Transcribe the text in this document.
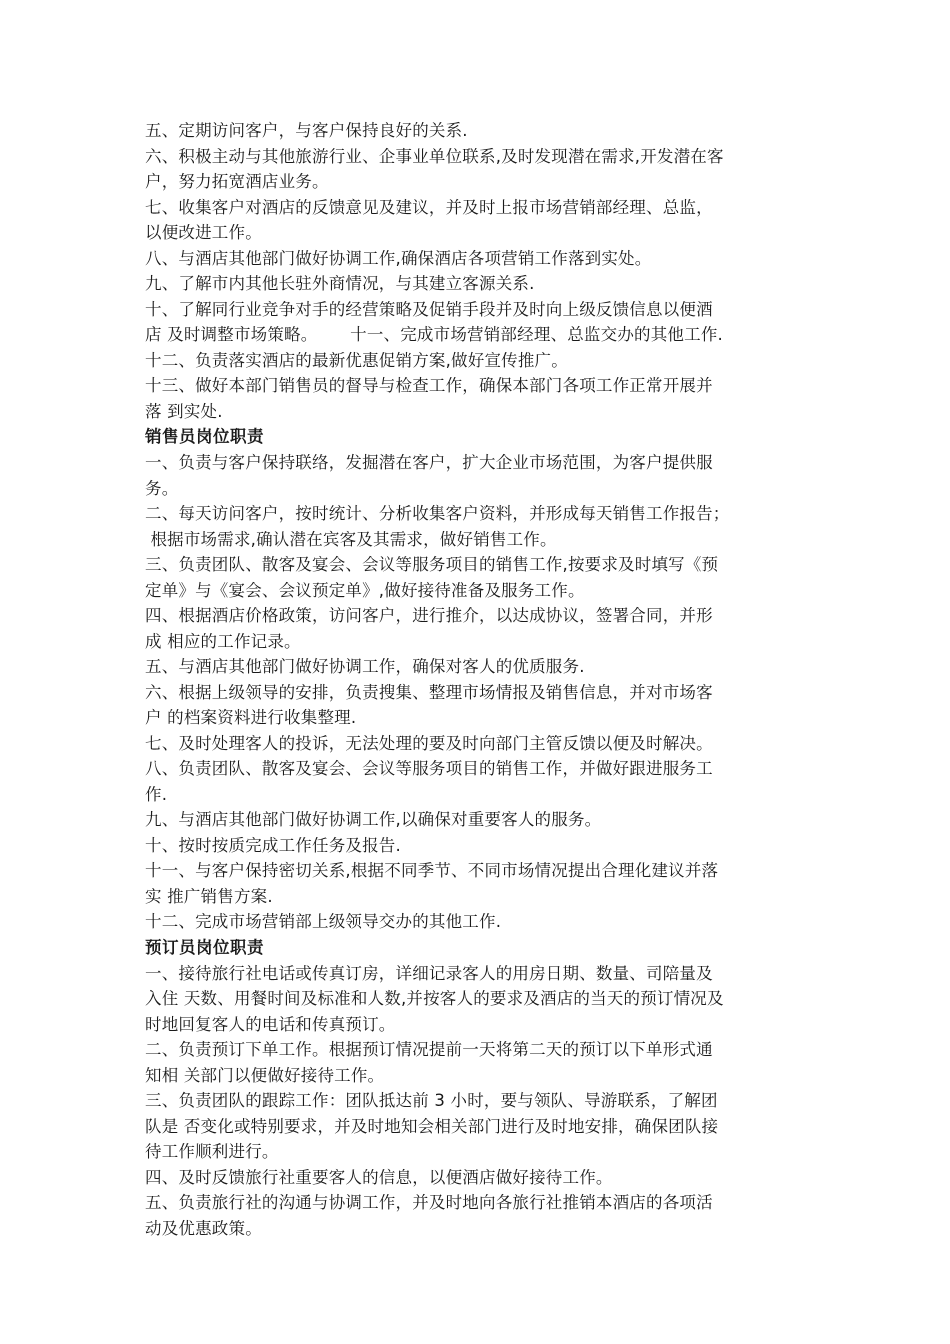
五、定期访问客户，与客户保持良好的关系.
六、积极主动与其他旅游行业、企事业单位联系,及时发现潜在需求,开发潜在客
户，努力拓宽酒店业务。
七、收集客户对酒店的反馈意见及建议，并及时上报市场营销部经理、总监，
以便改进工作。
八、与酒店其他部门做好协调工作,确保酒店各项营销工作落到实处。
九、了解市内其他长驻外商情况，与其建立客源关系.
十、了解同行业竞争对手的经营策略及促销手段并及时向上级反馈信息以便酒
店 及时调整市场策略。      十一、完成市场营销部经理、总监交办的其他工作.
十二、负责落实酒店的最新优惠促销方案,做好宣传推广。
十三、做好本部门销售员的督导与检查工作，确保本部门各项工作正常开展并
落 到实处.
销售员岗位职责
一、负责与客户保持联络，发掘潜在客户，扩大企业市场范围，为客户提供服
务。
二、每天访问客户，按时统计、分析收集客户资料，并形成每天销售工作报告；
根据市场需求,确认潜在宾客及其需求，做好销售工作。
三、负责团队、散客及宴会、会议等服务项目的销售工作,按要求及时填写《预
定单》与《宴会、会议预定单》,做好接待准备及服务工作。
四、根据酒店价格政策，访问客户，进行推介，以达成协议，签署合同，并形
成 相应的工作记录。
五、与酒店其他部门做好协调工作，确保对客人的优质服务.
六、根据上级领导的安排，负责搜集、整理市场情报及销售信息，并对市场客
户 的档案资料进行收集整理.
七、及时处理客人的投诉，无法处理的要及时向部门主管反馈以便及时解决。
八、负责团队、散客及宴会、会议等服务项目的销售工作，并做好跟进服务工
作.
九、与酒店其他部门做好协调工作,以确保对重要客人的服务。
十、按时按质完成工作任务及报告.
十一、与客户保持密切关系,根据不同季节、不同市场情况提出合理化建议并落
实 推广销售方案.
十二、完成市场营销部上级领导交办的其他工作.
预订员岗位职责
一、接待旅行社电话或传真订房，详细记录客人的用房日期、数量、司陪量及
入住 天数、用餐时间及标准和人数,并按客人的要求及酒店的当天的预订情况及
时地回复客人的电话和传真预订。
二、负责预订下单工作。根据预订情况提前一天将第二天的预订以下单形式通
知相 关部门以便做好接待工作。
三、负责团队的跟踪工作：团队抵达前 3 小时，要与领队、导游联系，了解团
队是 否变化或特别要求，并及时地知会相关部门进行及时地安排，确保团队接
待工作顺利进行。
四、及时反馈旅行社重要客人的信息，以便酒店做好接待工作。
五、负责旅行社的沟通与协调工作，并及时地向各旅行社推销本酒店的各项活
动及优惠政策。
